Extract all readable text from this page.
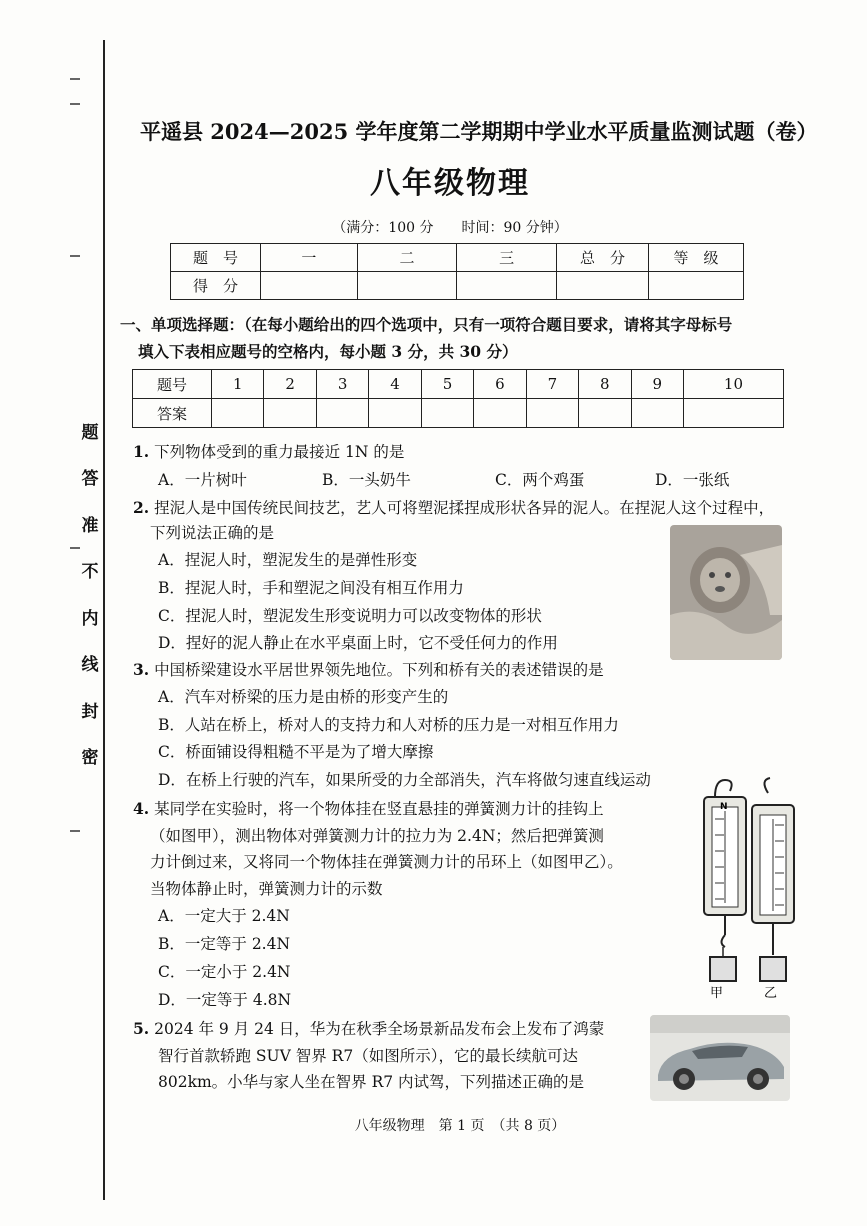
题
答
准
不
内
线
封
密
平遥县 2024—2025 学年度第二学期期中学业水平质量监测试题（卷）
八年级物理
（满分：100 分　　时间：90 分钟）
题　号	一	二	三	总　分	等　级
得　分					
一、单项选择题：（在每小题给出的四个选项中，只有一项符合题目要求，请将其字母标号
填入下表相应题号的空格内，每小题 3 分，共 30 分）
题号	1	2	3	4	5	6	7	8	9	10
答案										
1. 下列物体受到的重力最接近 1N 的是
A．一片树叶	B．一头奶牛	C．两个鸡蛋	D．一张纸
2. 捏泥人是中国传统民间技艺，艺人可将塑泥揉捏成形状各异的泥人。在捏泥人这个过程中，
下列说法正确的是
A．捏泥人时，塑泥发生的是弹性形变
B．捏泥人时，手和塑泥之间没有相互作用力
C．捏泥人时，塑泥发生形变说明力可以改变物体的形状
D．捏好的泥人静止在水平桌面上时，它不受任何力的作用
3. 中国桥梁建设水平居世界领先地位。下列和桥有关的表述错误的是
A．汽车对桥梁的压力是由桥的形变产生的
B．人站在桥上，桥对人的支持力和人对桥的压力是一对相互作用力
C．桥面铺设得粗糙不平是为了增大摩擦
D．在桥上行驶的汽车，如果所受的力全部消失，汽车将做匀速直线运动
4. 某同学在实验时，将一个物体挂在竖直悬挂的弹簧测力计的挂钩上
（如图甲），测出物体对弹簧测力计的拉力为 2.4N；然后把弹簧测
力计倒过来，又将同一个物体挂在弹簧测力计的吊环上（如图甲乙）。
当物体静止时，弹簧测力计的示数
A．一定大于 2.4N
B．一定等于 2.4N
C．一定小于 2.4N
D．一定等于 4.8N
N
甲	乙
5. 2024 年 9 月 24 日，华为在秋季全场景新品发布会上发布了鸿蒙
智行首款轿跑 SUV 智界 R7（如图所示），它的最长续航可达
802km。小华与家人坐在智界 R7 内试驾，下列描述正确的是
八年级物理　第 1 页　（共 8 页）
